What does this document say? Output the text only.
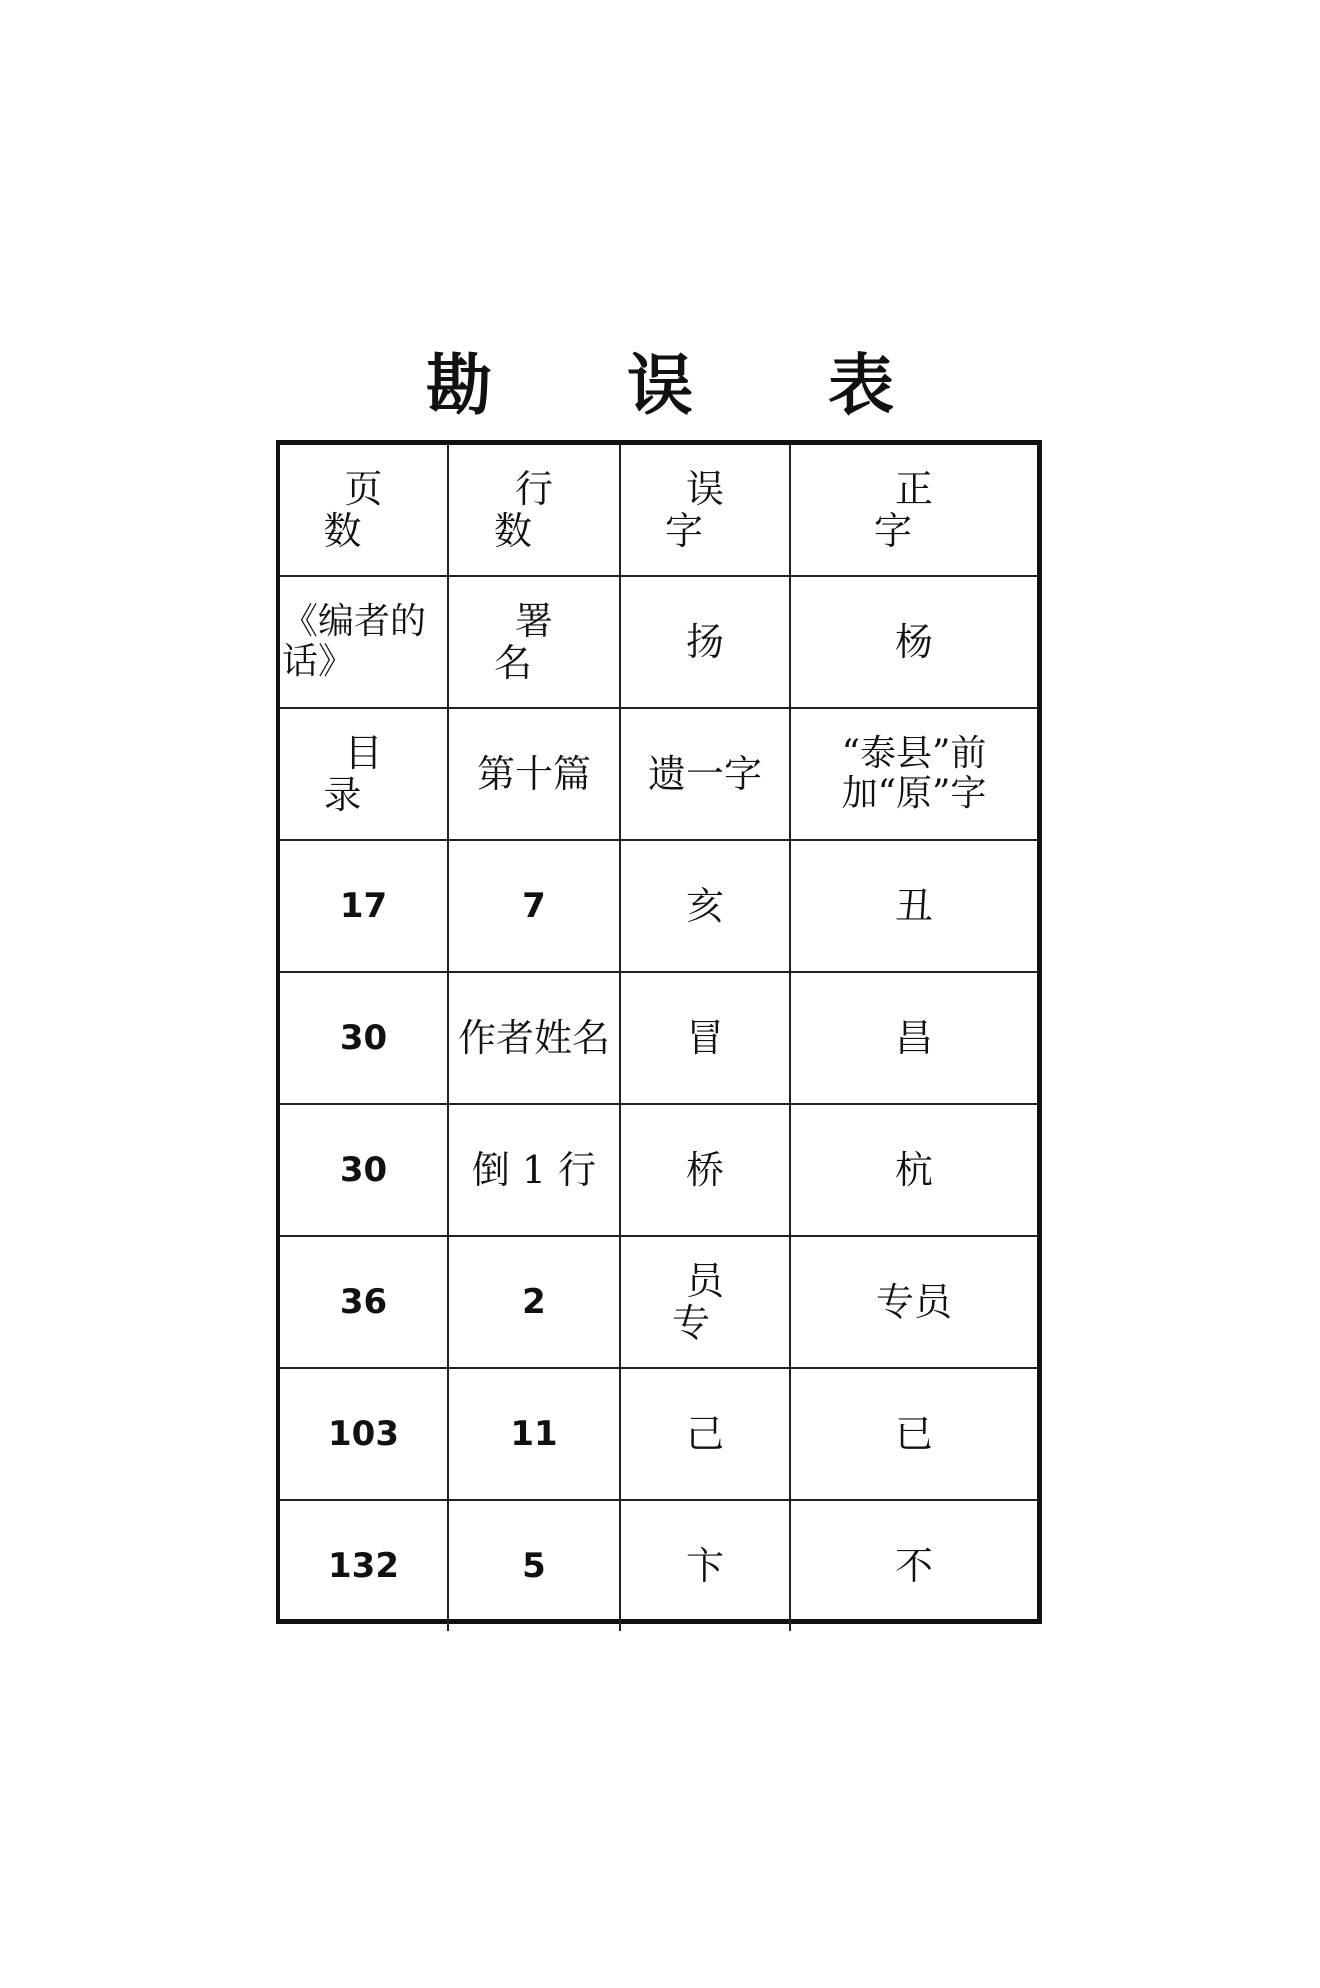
勘 误 表
页 数	行 数	误 字	正 字
《编者的话》	署 名	扬	杨
目 录	第十篇	遗一字	“泰县”前加“原”字
17	7	亥	丑
30	作者姓名	冒	昌
30	倒 1 行	桥	杭
36	2	员 专	专员
103	11	己	已
132	5	卞	不
